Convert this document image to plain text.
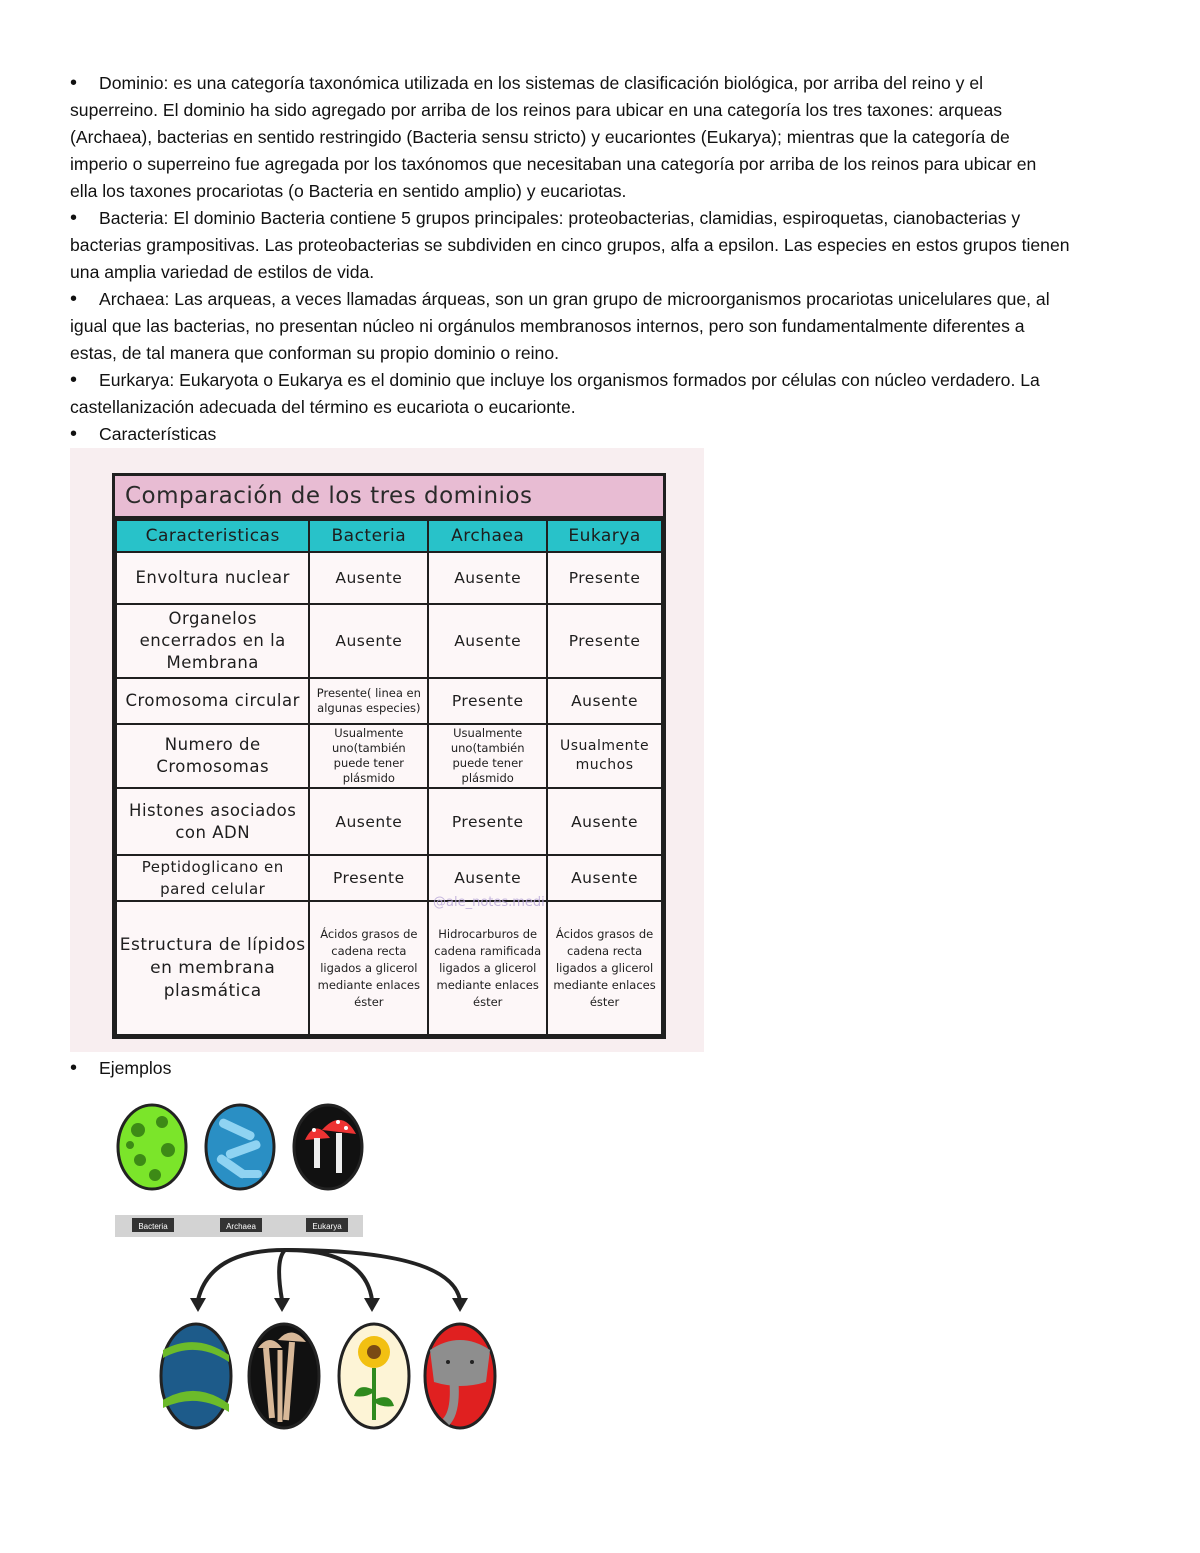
• Dominio: es una categoría taxonómica utilizada en los sistemas de clasificación biológica, por arriba del reino y el
superreino. El dominio ha sido agregado por arriba de los reinos para ubicar en una categoría los tres taxones: arqueas
(Archaea), bacterias en sentido restringido (Bacteria sensu stricto) y eucariontes (Eukarya); mientras que la categoría de
imperio o superreino fue agregada por los taxónomos que necesitaban una categoría por arriba de los reinos para ubicar en
ella los taxones procariotas (o Bacteria en sentido amplio) y eucariotas.

• Bacteria: El dominio Bacteria contiene 5 grupos principales: proteobacterias, clamidias, espiroquetas, cianobacterias y
bacterias grampositivas. Las proteobacterias se subdividen en cinco grupos, alfa a epsilon. Las especies en estos grupos tienen
una amplia variedad de estilos de vida.

• Archaea: Las arqueas, a veces llamadas árqueas, son un gran grupo de microorganismos procariotas unicelulares que, al
igual que las bacterias, no presentan núcleo ni orgánulos membranosos internos, pero son fundamentalmente diferentes a
estas, de tal manera que conforman su propio dominio o reino.

• Eurkarya: Eukaryota o Eukarya es el dominio que incluye los organismos formados por células con núcleo verdadero. La
castellanización adecuada del término es eucariota o eucarionte.

• Características

Comparación de los tres dominios
Caracteristicas	Bacteria	Archaea	Eukarya
Envoltura nuclear	Ausente	Ausente	Presente
Organelos encerrados en la Membrana	Ausente	Ausente	Presente
Cromosoma circular	Presente( linea en algunas especies)	Presente	Ausente
Numero de Cromosomas	Usualmente uno(también puede tener plásmido	Usualmente uno(también puede tener plásmido	Usualmente muchos
Histones asociados con ADN	Ausente	Presente	Ausente
Peptidoglicano en pared celular	Presente	Ausente	Ausente
Estructura de lípidos en membrana plasmática	Ácidos grasos de cadena recta ligados a glicerol mediante enlaces éster	Hidrocarburos de cadena ramificada ligados a glicerol mediante enlaces éster	Ácidos grasos de cadena recta ligados a glicerol mediante enlaces éster
@ale_notes.medi

• Ejemplos

Bacteria	Archaea	Eukarya
